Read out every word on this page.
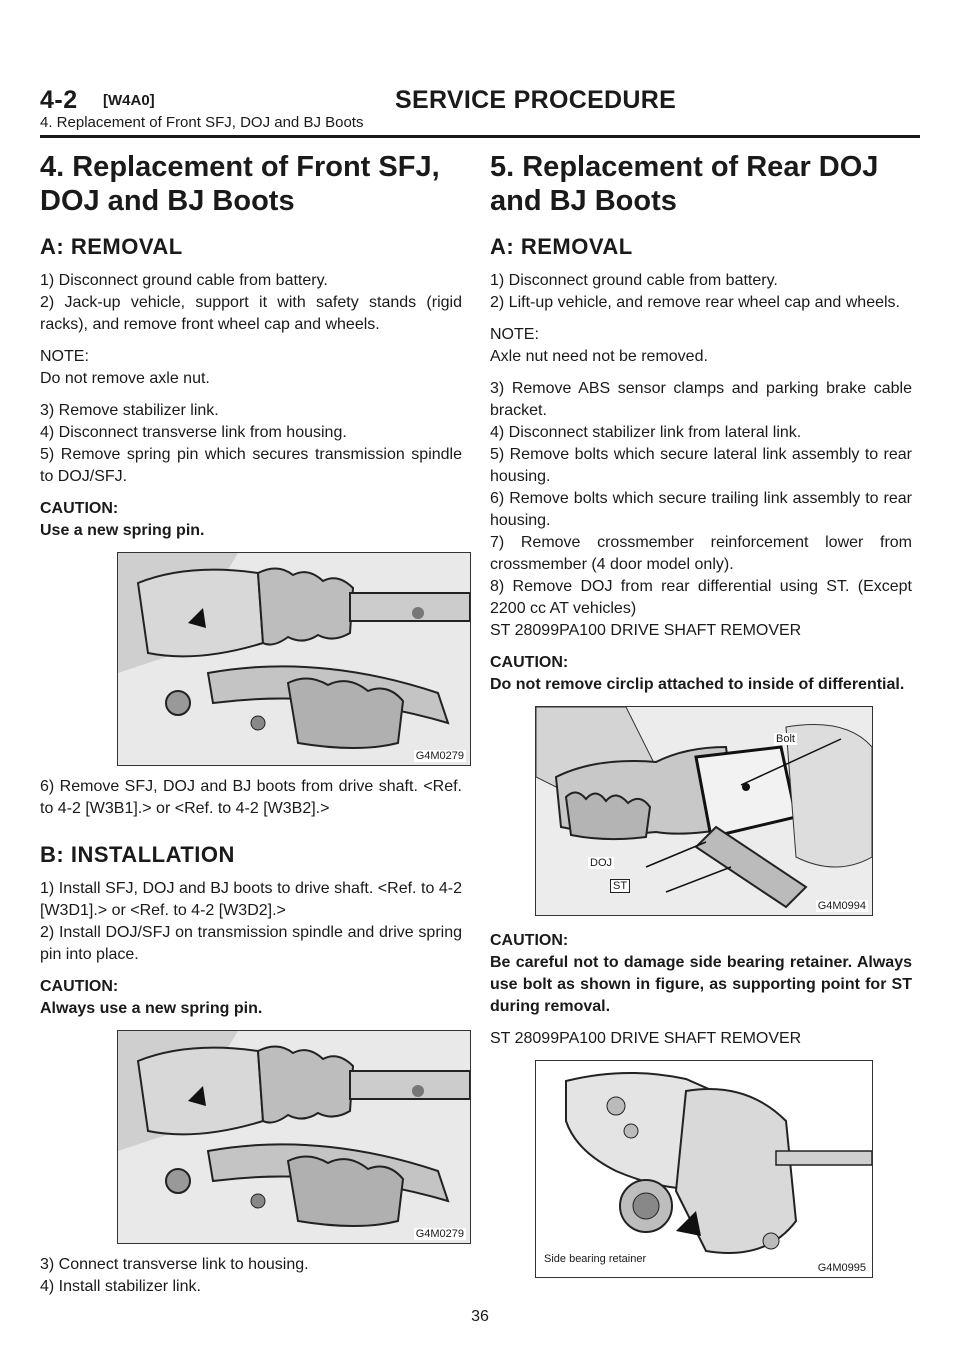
4-2 [W4A0]	SERVICE PROCEDURE
4. Replacement of Front SFJ, DOJ and BJ Boots
4. Replacement of Front SFJ,
DOJ and BJ Boots
A: REMOVAL
1) Disconnect ground cable from battery.
2) Jack-up vehicle, support it with safety stands (rigid racks), and remove front wheel cap and wheels.
NOTE:
Do not remove axle nut.
3) Remove stabilizer link.
4) Disconnect transverse link from housing.
5) Remove spring pin which secures transmission spindle to DOJ/SFJ.
CAUTION:
Use a new spring pin.
G4M0279
6) Remove SFJ, DOJ and BJ boots from drive shaft. <Ref. to 4-2 [W3B1].> or <Ref. to 4-2 [W3B2].>
B: INSTALLATION
1) Install SFJ, DOJ and BJ boots to drive shaft. <Ref. to 4-2 [W3D1].> or <Ref. to 4-2 [W3D2].>
2) Install DOJ/SFJ on transmission spindle and drive spring pin into place.
CAUTION:
Always use a new spring pin.
G4M0279
3) Connect transverse link to housing.
4) Install stabilizer link.
5. Replacement of Rear DOJ
and BJ Boots
A: REMOVAL
1) Disconnect ground cable from battery.
2) Lift-up vehicle, and remove rear wheel cap and wheels.
NOTE:
Axle nut need not be removed.
3) Remove ABS sensor clamps and parking brake cable bracket.
4) Disconnect stabilizer link from lateral link.
5) Remove bolts which secure lateral link assembly to rear housing.
6) Remove bolts which secure trailing link assembly to rear housing.
7) Remove crossmember reinforcement lower from crossmember (4 door model only).
8) Remove DOJ from rear differential using ST. (Except 2200 cc AT vehicles)
ST 28099PA100 DRIVE SHAFT REMOVER
CAUTION:
Do not remove circlip attached to inside of differential.
Bolt
DOJ
ST
G4M0994
CAUTION:
Be careful not to damage side bearing retainer. Always use bolt as shown in figure, as supporting point for ST during removal.
ST 28099PA100 DRIVE SHAFT REMOVER
Side bearing retainer
G4M0995
36
